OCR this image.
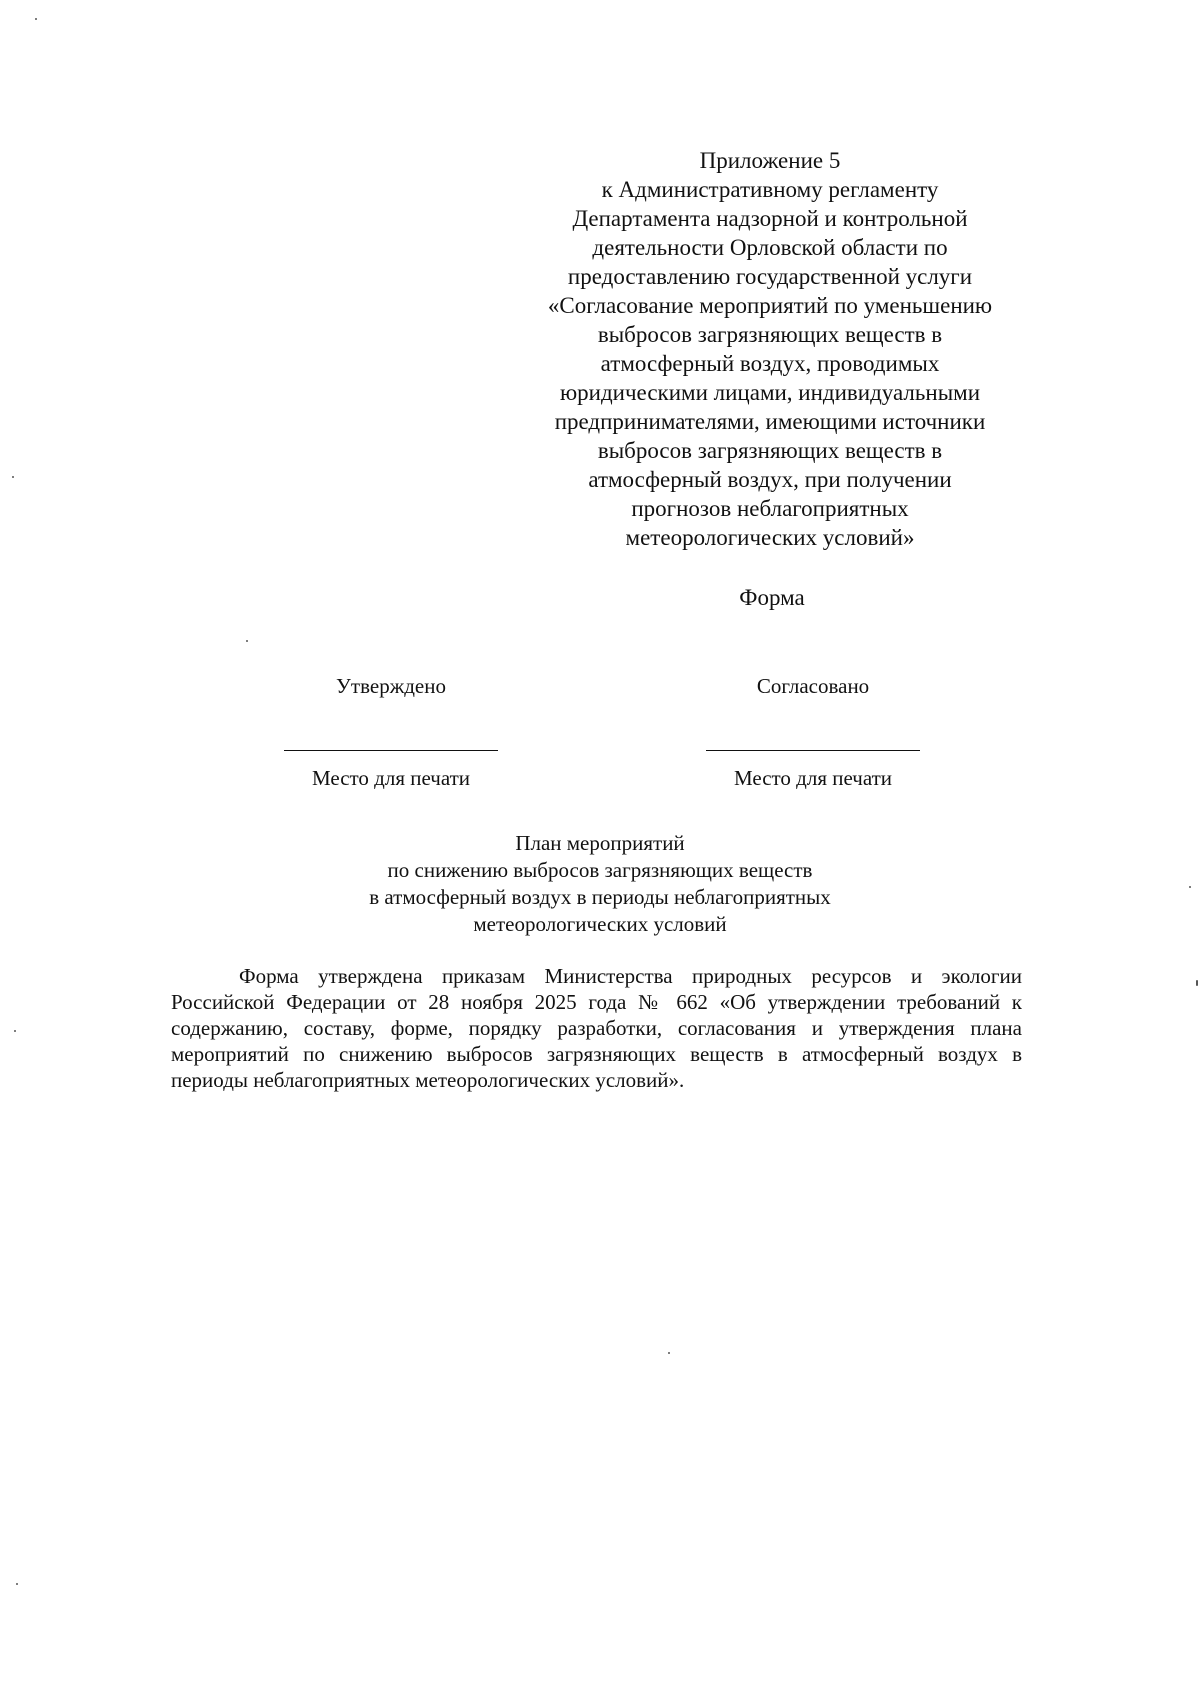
Приложение 5
к Административному регламенту
Департамента надзорной и контрольной
деятельности Орловской области по
предоставлению государственной услуги
«Согласование мероприятий по уменьшению
выбросов загрязняющих веществ в
атмосферный воздух, проводимых
юридическими лицами, индивидуальными
предпринимателями, имеющими источники
выбросов загрязняющих веществ в
атмосферный воздух, при получении
прогнозов неблагоприятных
метеорологических условий»
Форма
Утверждено
Место для печати
Согласовано
Место для печати
План мероприятий
по снижению выбросов загрязняющих веществ
в атмосферный воздух в периоды неблагоприятных
метеорологических условий
Форма утверждена приказам Министерства природных ресурсов и экологии Российской Федерации от 28 ноября 2025 года № 662 «Об утверждении требований к содержанию, составу, форме, порядку разработки, согласования и утверждения плана мероприятий по снижению выбросов загрязняющих веществ в атмосферный воздух в периоды неблагоприятных метеорологических условий».
